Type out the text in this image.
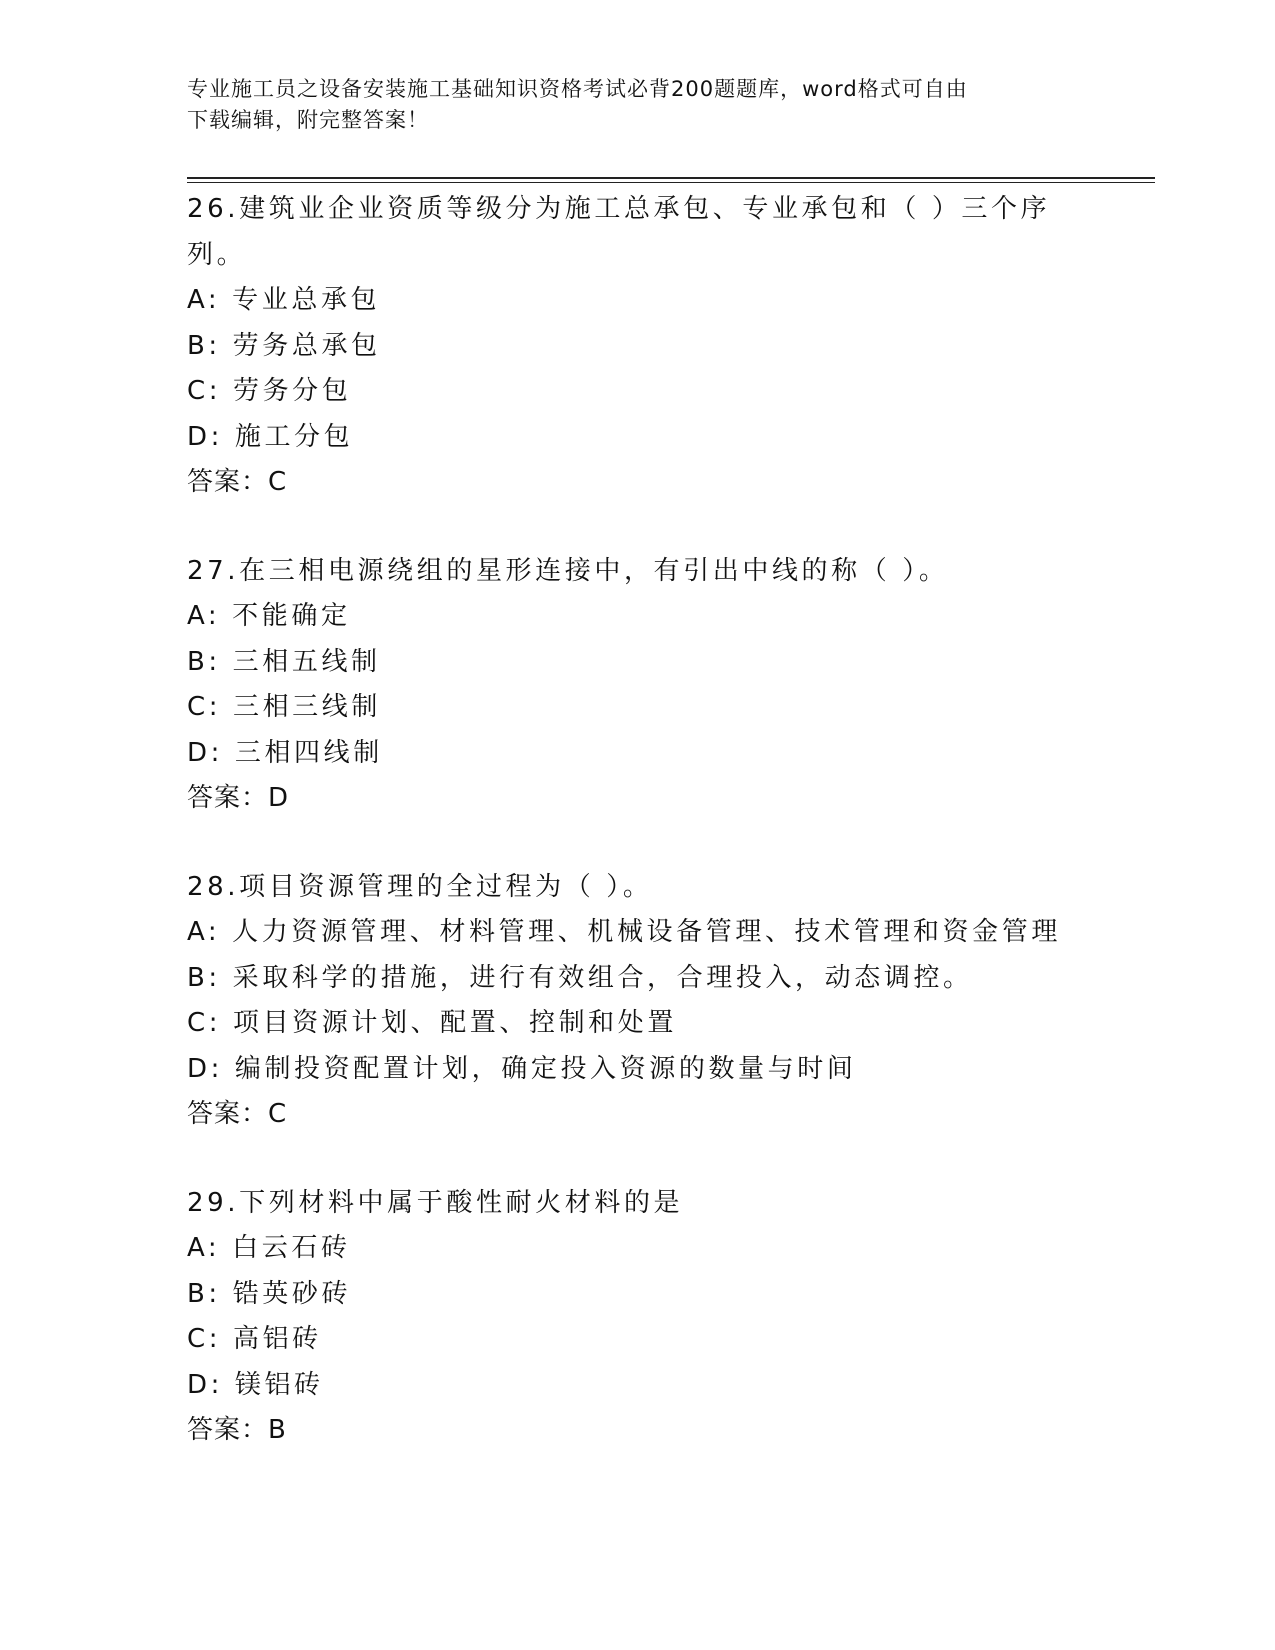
专业施工员之设备安装施工基础知识资格考试必背200题题库，word格式可自由
下载编辑，附完整答案！
26.建筑业企业资质等级分为施工总承包、专业承包和（ ）三个序列。
A: 专业总承包
B: 劳务总承包
C: 劳务分包
D: 施工分包
答案：C
27.在三相电源绕组的星形连接中，有引出中线的称（ ）。
A: 不能确定
B: 三相五线制
C: 三相三线制
D: 三相四线制
答案：D
28.项目资源管理的全过程为（ ）。
A: 人力资源管理、材料管理、机械设备管理、技术管理和资金管理
B: 采取科学的措施，进行有效组合，合理投入，动态调控。
C: 项目资源计划、配置、控制和处置
D: 编制投资配置计划，确定投入资源的数量与时间
答案：C
29.下列材料中属于酸性耐火材料的是
A: 白云石砖
B: 锆英砂砖
C: 高铝砖
D: 镁铝砖
答案：B
